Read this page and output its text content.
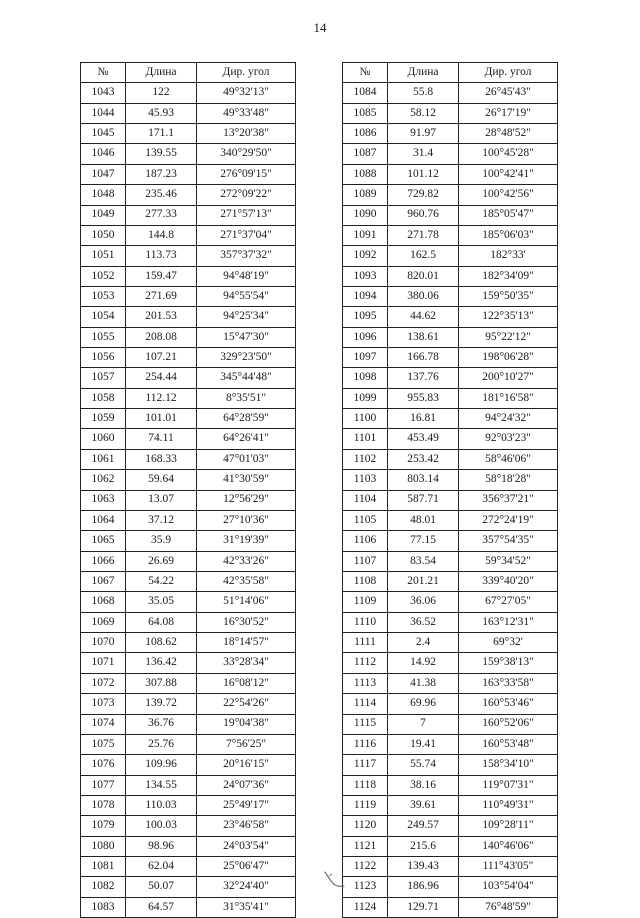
14
№	Длина	Дир. угол
1043	122	49°32'13"
1044	45.93	49°33'48"
1045	171.1	13°20'38"
1046	139.55	340°29'50"
1047	187.23	276°09'15"
1048	235.46	272°09'22"
1049	277.33	271°57'13"
1050	144.8	271°37'04"
1051	113.73	357°37'32"
1052	159.47	94°48'19"
1053	271.69	94°55'54"
1054	201.53	94°25'34"
1055	208.08	15°47'30"
1056	107.21	329°23'50"
1057	254.44	345°44'48"
1058	112.12	8°35'51"
1059	101.01	64°28'59"
1060	74.11	64°26'41"
1061	168.33	47°01'03"
1062	59.64	41°30'59"
1063	13.07	12°56'29"
1064	37.12	27°10'36"
1065	35.9	31°19'39"
1066	26.69	42°33'26"
1067	54.22	42°35'58"
1068	35.05	51°14'06"
1069	64.08	16°30'52"
1070	108.62	18°14'57"
1071	136.42	33°28'34"
1072	307.88	16°08'12"
1073	139.72	22°54'26"
1074	36.76	19°04'38"
1075	25.76	7°56'25"
1076	109.96	20°16'15"
1077	134.55	24°07'36"
1078	110.03	25°49'17"
1079	100.03	23°46'58"
1080	98.96	24°03'54"
1081	62.04	25°06'47"
1082	50.07	32°24'40"
1083	64.57	31°35'41"
№	Длина	Дир. угол
1084	55.8	26°45'43"
1085	58.12	26°17'19"
1086	91.97	28°48'52"
1087	31.4	100°45'28"
1088	101.12	100°42'41"
1089	729.82	100°42'56"
1090	960.76	185°05'47"
1091	271.78	185°06'03"
1092	162.5	182°33'
1093	820.01	182°34'09"
1094	380.06	159°50'35"
1095	44.62	122°35'13"
1096	138.61	95°22'12"
1097	166.78	198°06'28"
1098	137.76	200°10'27"
1099	955.83	181°16'58"
1100	16.81	94°24'32"
1101	453.49	92°03'23"
1102	253.42	58°46'06"
1103	803.14	58°18'28"
1104	587.71	356°37'21"
1105	48.01	272°24'19"
1106	77.15	357°54'35"
1107	83.54	59°34'52"
1108	201.21	339°40'20"
1109	36.06	67°27'05"
1110	36.52	163°12'31"
1111	2.4	69°32'
1112	14.92	159°38'13"
1113	41.38	163°33'58"
1114	69.96	160°53'46"
1115	7	160°52'06"
1116	19.41	160°53'48"
1117	55.74	158°34'10"
1118	38.16	119°07'31"
1119	39.61	110°49'31"
1120	249.57	109°28'11"
1121	215.6	140°46'06"
1122	139.43	111°43'05"
1123	186.96	103°54'04"
1124	129.71	76°48'59"
